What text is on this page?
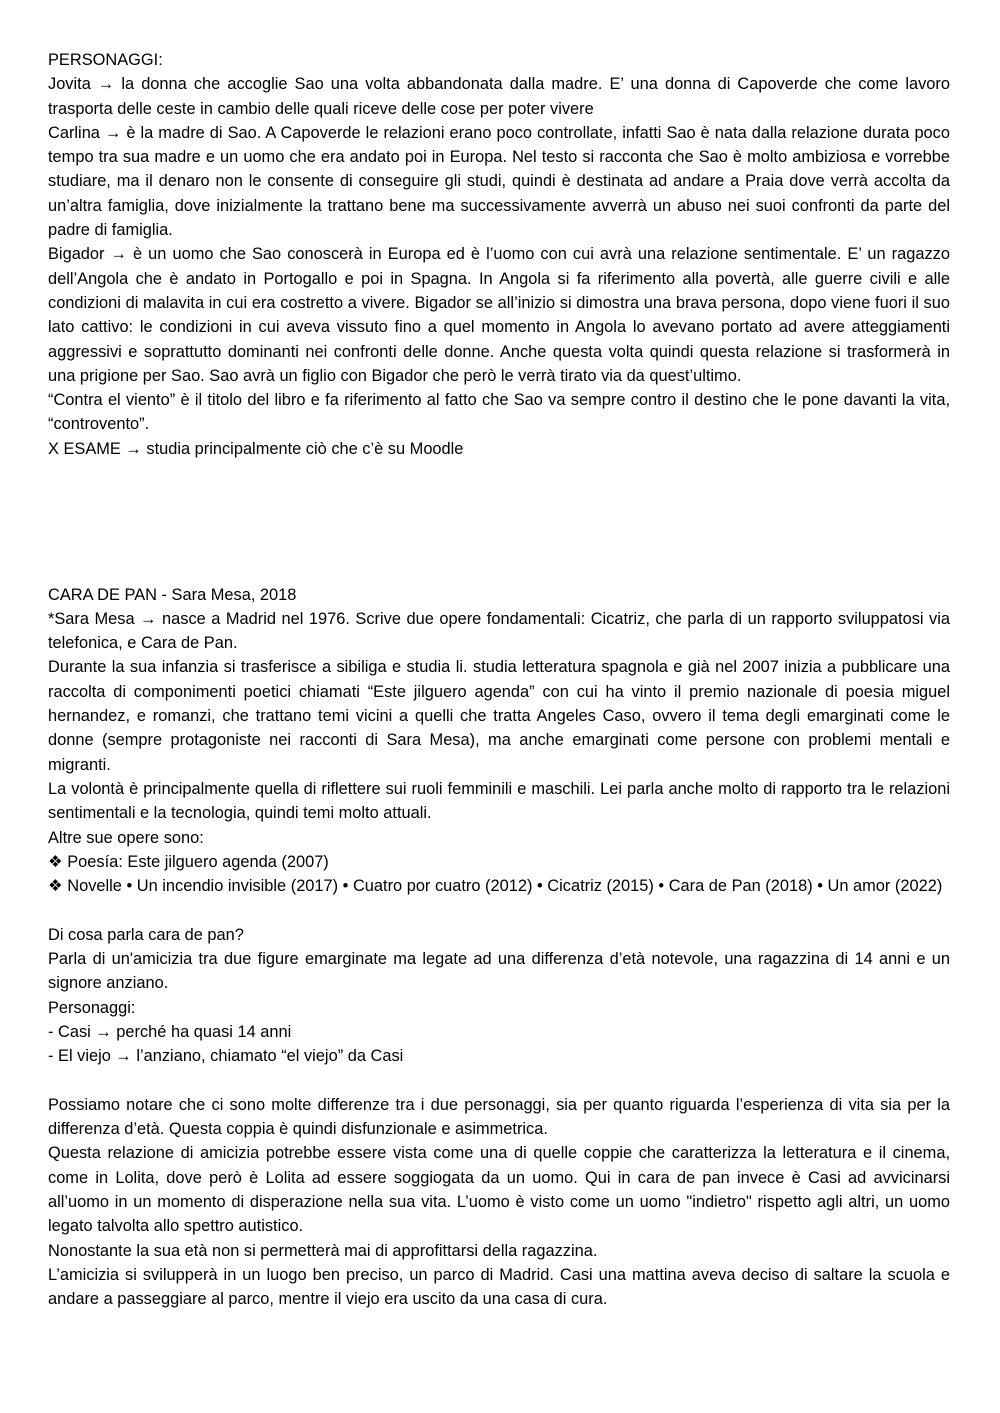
PERSONAGGI:

Jovita → la donna che accoglie Sao una volta abbandonata dalla madre. E’ una donna di Capoverde che come lavoro trasporta delle ceste in cambio delle quali riceve delle cose per poter vivere

Carlina → è la madre di Sao. A Capoverde le relazioni erano poco controllate, infatti Sao è nata dalla relazione durata poco tempo tra sua madre e un uomo che era andato poi in Europa. Nel testo si racconta che Sao è molto ambiziosa e vorrebbe studiare, ma il denaro non le consente di conseguire gli studi, quindi è destinata ad andare a Praia dove verrà accolta da un’altra famiglia, dove inizialmente la trattano bene ma successivamente avverrà un abuso nei suoi confronti da parte del padre di famiglia.

Bigador → è un uomo che Sao conoscerà in Europa ed è l’uomo con cui avrà una relazione sentimentale. E’ un ragazzo dell’Angola che è andato in Portogallo e poi in Spagna. In Angola si fa riferimento alla povertà, alle guerre civili e alle condizioni di malavita in cui era costretto a vivere. Bigador se all’inizio si dimostra una brava persona, dopo viene fuori il suo lato cattivo: le condizioni in cui aveva vissuto fino a quel momento in Angola lo avevano portato ad avere atteggiamenti aggressivi e soprattutto dominanti nei confronti delle donne. Anche questa volta quindi questa relazione si trasformerà in una prigione per Sao. Sao avrà un figlio con Bigador che però le verrà tirato via da quest’ultimo.

“Contra el viento” è il titolo del libro e fa riferimento al fatto che Sao va sempre contro il destino che le pone davanti la vita, “controvento”.

X ESAME → studia principalmente ciò che c’è su Moodle

CARA DE PAN - Sara Mesa, 2018

*Sara Mesa → nasce a Madrid nel 1976. Scrive due opere fondamentali: Cicatriz, che parla di un rapporto sviluppatosi via telefonica, e Cara de Pan.

Durante la sua infanzia si trasferisce a sibiliga e studia li. studia letteratura spagnola e già nel 2007 inizia a pubblicare una raccolta di componimenti poetici chiamati “Este jilguero agenda” con cui ha vinto il premio nazionale di poesia miguel hernandez, e romanzi, che trattano temi vicini a quelli che tratta Angeles Caso, ovvero il tema degli emarginati come le donne (sempre protagoniste nei racconti di Sara Mesa), ma anche emarginati come persone con problemi mentali e migranti.

La volontà è principalmente quella di riflettere sui ruoli femminili e maschili. Lei parla anche molto di rapporto tra le relazioni sentimentali e la tecnologia, quindi temi molto attuali.

Altre sue opere sono:

❖ Poesía: Este jilguero agenda (2007)

❖ Novelle • Un incendio invisible (2017) • Cuatro por cuatro (2012) • Cicatriz (2015) • Cara de Pan (2018) • Un amor (2022)

Di cosa parla cara de pan?

Parla di un'amicizia tra due figure emarginate ma legate ad una differenza d’età notevole, una ragazzina di 14 anni e un signore anziano.

Personaggi:

- Casi → perché ha quasi 14 anni

- El viejo → l’anziano, chiamato “el viejo” da Casi

Possiamo notare che ci sono molte differenze tra i due personaggi, sia per quanto riguarda l’esperienza di vita sia per la differenza d’età. Questa coppia è quindi disfunzionale e asimmetrica.

Questa relazione di amicizia potrebbe essere vista come una di quelle coppie che caratterizza la letteratura e il cinema, come in Lolita, dove però è Lolita ad essere soggiogata da un uomo. Qui in cara de pan invece è Casi ad avvicinarsi all’uomo in un momento di disperazione nella sua vita. L’uomo è visto come un uomo "indietro" rispetto agli altri, un uomo legato talvolta allo spettro autistico.

Nonostante la sua età non si permetterà mai di approfittarsi della ragazzina.

L’amicizia si svilupperà in un luogo ben preciso, un parco di Madrid. Casi una mattina aveva deciso di saltare la scuola e andare a passeggiare al parco, mentre il viejo era uscito da una casa di cura.
